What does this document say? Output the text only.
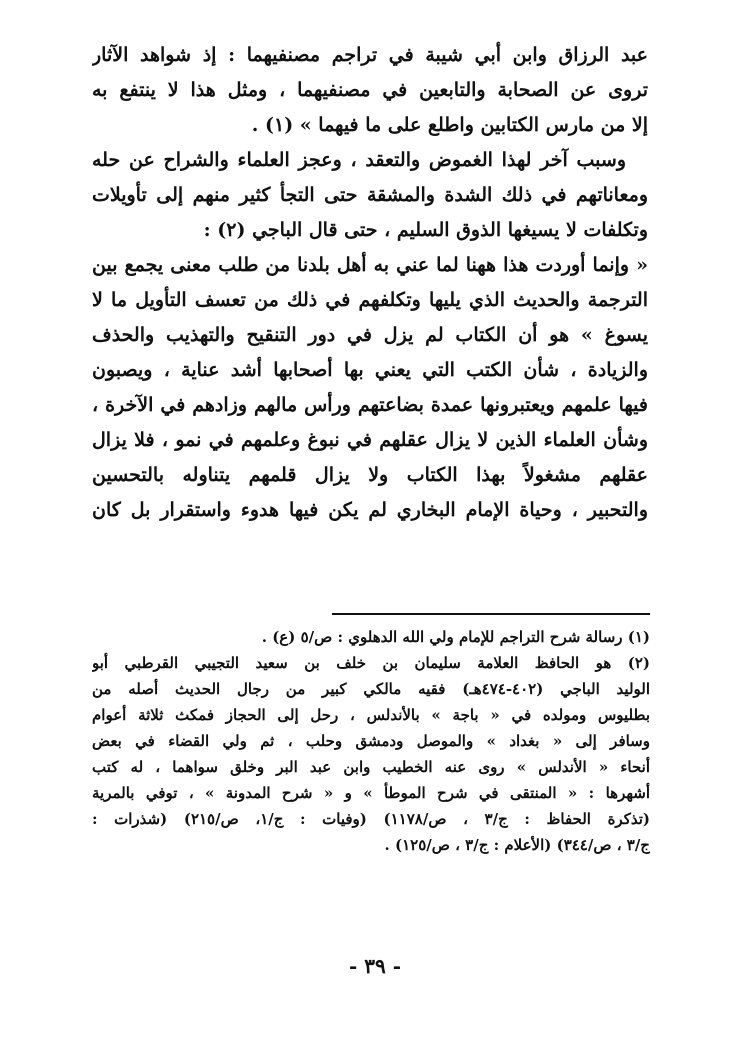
عبد الرزاق وابن أبي شيبة في تراجم مصنفيهما : إذ شواهد الآثار
تروى عن الصحابة والتابعين في مصنفيهما ، ومثل هذا لا ينتفع به
إلا من مارس الكتابين واطلع على ما فيهما » (١) .
وسبب آخر لهذا الغموض والتعقد ، وعجز العلماء والشراح عن حله
ومعاناتهم في ذلك الشدة والمشقة حتى التجأ كثير منهم إلى تأويلات
وتكلفات لا يسيغها الذوق السليم ، حتى قال الباجي (٢) :
« وإنما أوردت هذا ههنا لما عني به أهل بلدنا من طلب معنى يجمع بين
الترجمة والحديث الذي يليها وتكلفهم في ذلك من تعسف التأويل ما لا
يسوغ » هو أن الكتاب لم يزل في دور التنقيح والتهذيب والحذف
والزيادة ، شأن الكتب التي يعني بها أصحابها أشد عناية ، ويصبون
فيها علمهم ويعتبرونها عمدة بضاعتهم ورأس مالهم وزادهم في الآخرة ،
وشأن العلماء الذين لا يزال عقلهم في نبوغ وعلمهم في نمو ، فلا يزال
عقلهم مشغولاً بهذا الكتاب ولا يزال قلمهم يتناوله بالتحسين
والتحبير ، وحياة الإمام البخاري لم يكن فيها هدوء واستقرار بل كان
(١) رسالة شرح التراجم للإمام ولي الله الدهلوي : ص/٥ (ع) .
(٢) هو الحافظ العلامة سليمان بن خلف بن سعيد التجيبي القرطبي أبو
الوليد الباجي (٤٠٢-٤٧٤هـ) فقيه مالكي كبير من رجال الحديث أصله من
بطليوس ومولده في « باجة » بالأندلس ، رحل إلى الحجاز فمكث ثلاثة أعوام
وسافر إلى « بغداد » والموصل ودمشق وحلب ، ثم ولي القضاء في بعض
أنحاء « الأندلس » روى عنه الخطيب وابن عبد البر وخلق سواهما ، له كتب
أشهرها : « المنتقى في شرح الموطأ » و « شرح المدونة » ، توفي بالمرية
(تذكرة الحفاظ : ج/٣ ، ص/١١٧٨) (وفيات : ج/١، ص/٢١٥) (شذرات :
ج/٣ ، ص/٣٤٤) (الأعلام : ج/٣ ، ص/١٢٥) .
- ٣٩ -
